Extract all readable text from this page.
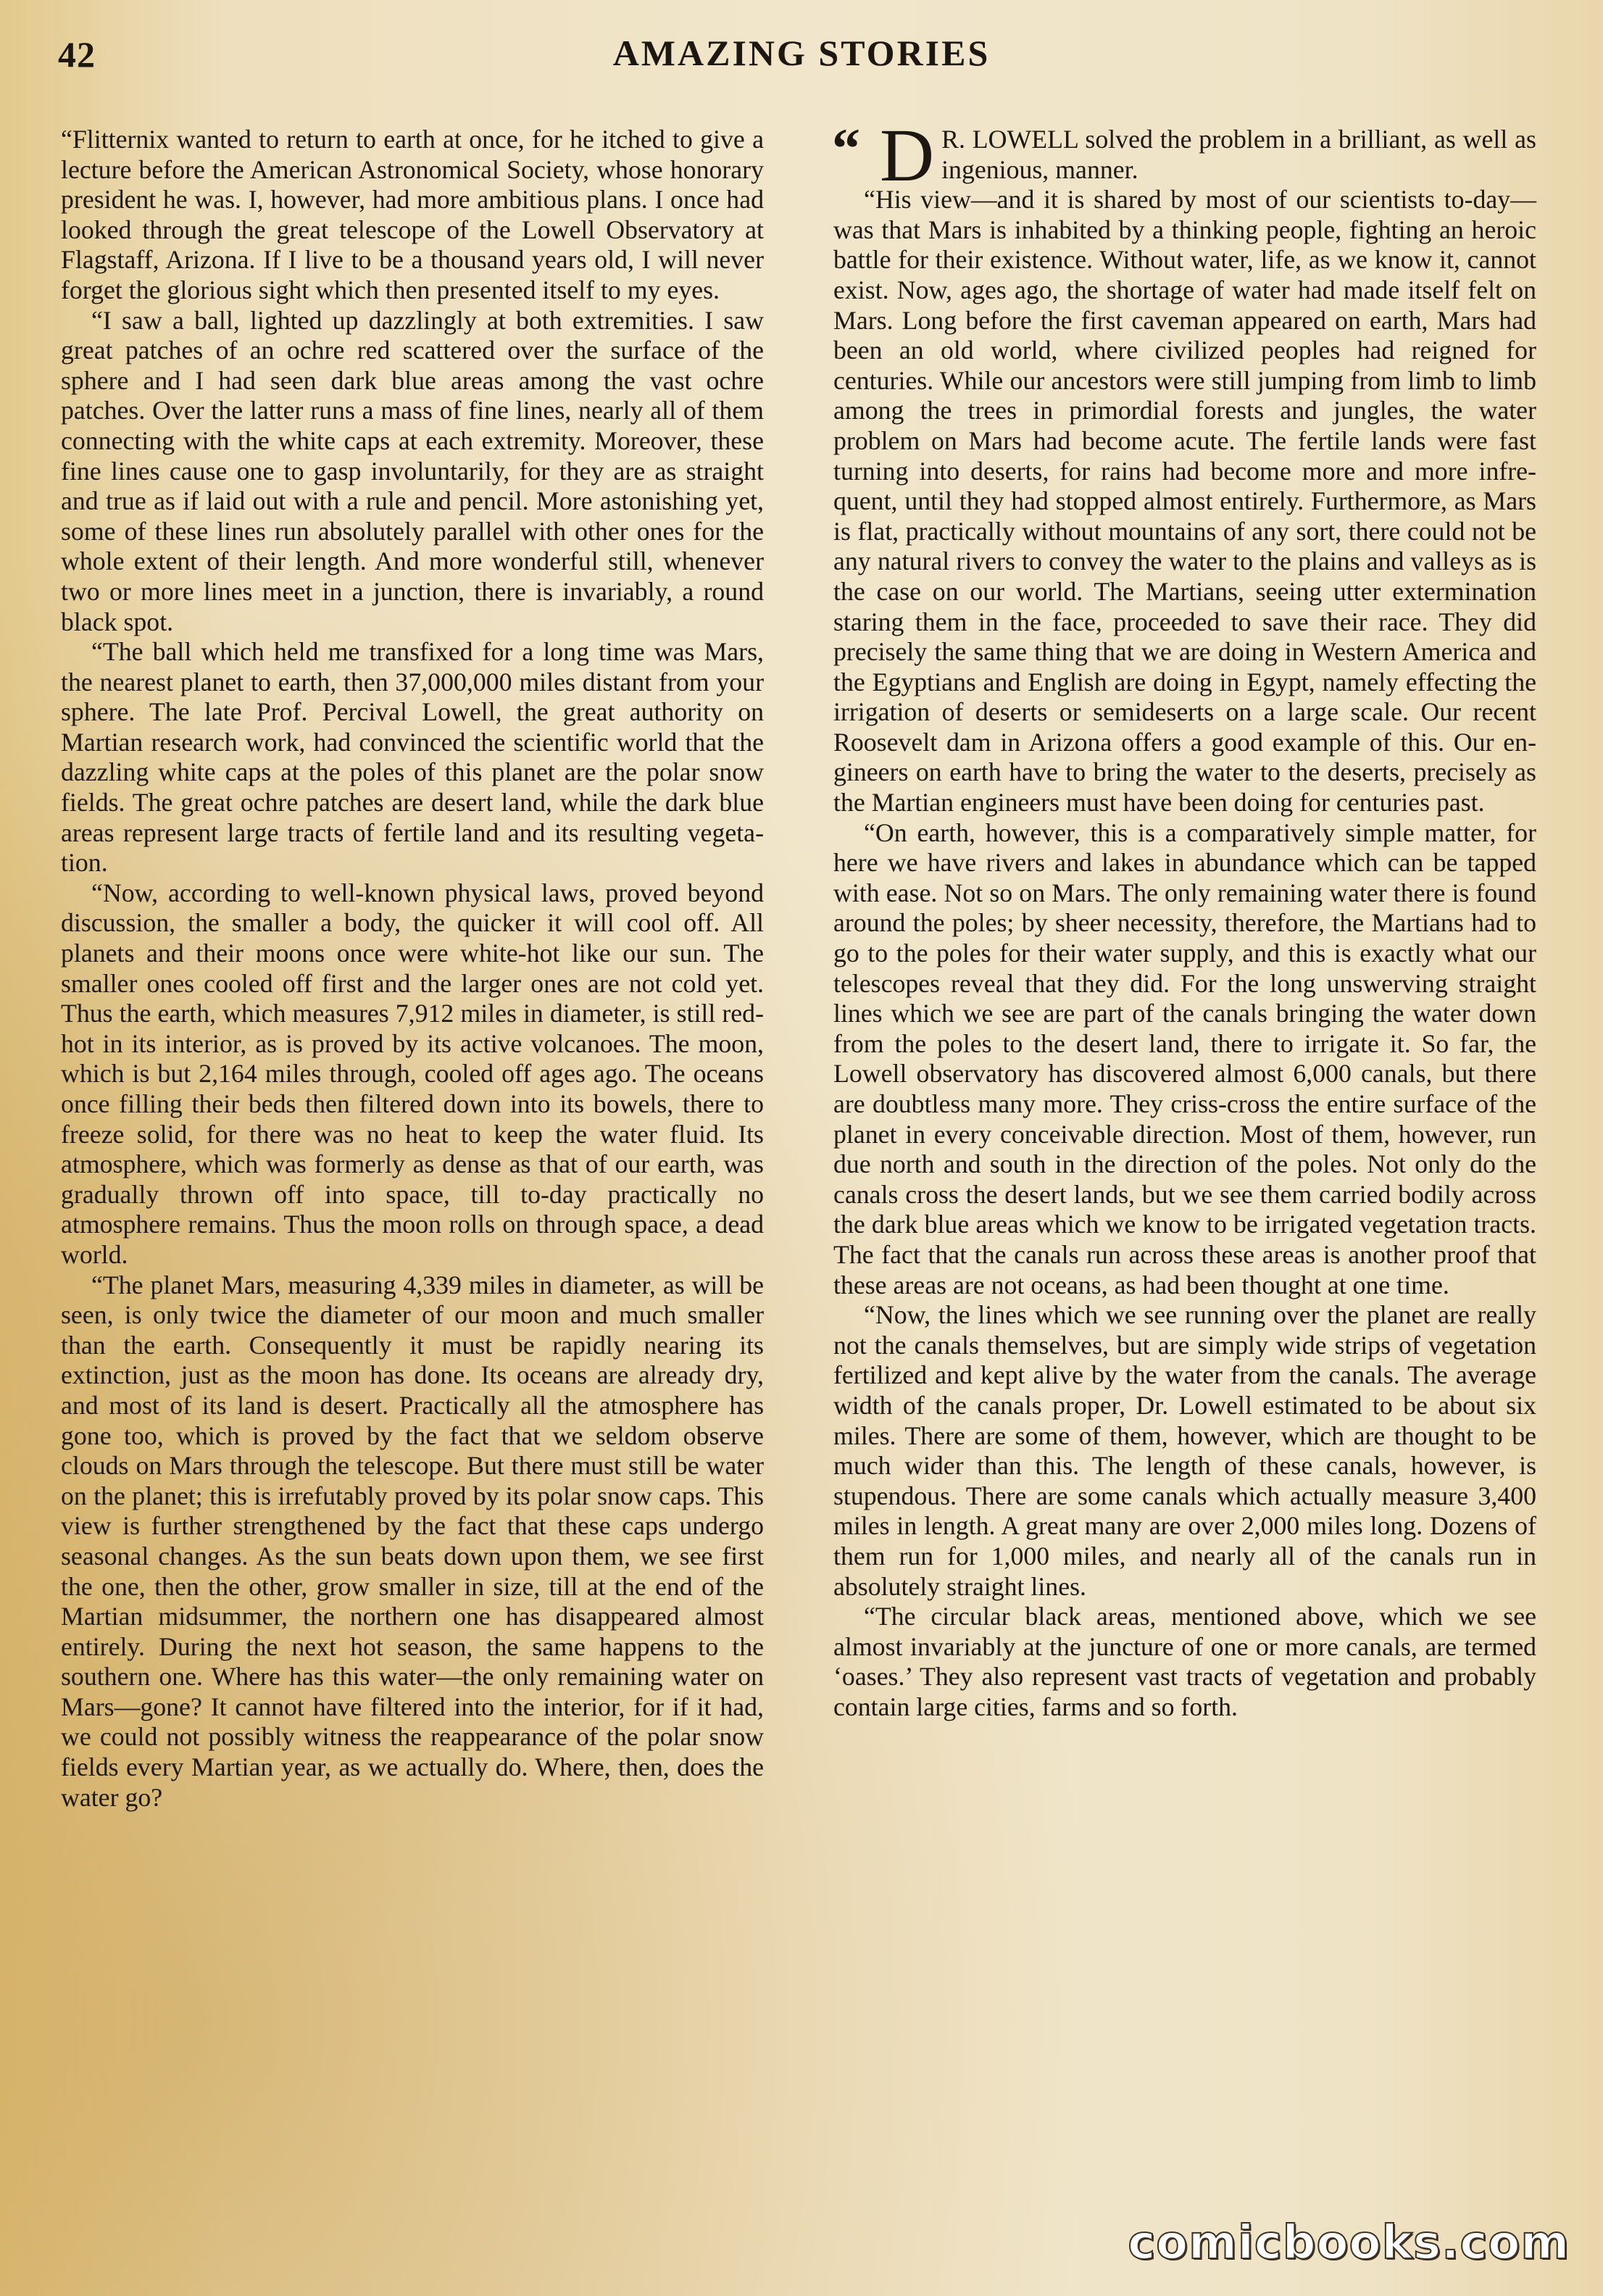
42	AMAZING STORIES

“Flitternix wanted to return to earth at once, for he itched to give a lecture before the American Astronomical Society, whose honorary president he was. I, however, had more ambitious plans. I once had looked through the great telescope of the Lowell Observatory at Flagstaff, Arizona. If I live to be a thousand years old, I will never forget the glorious sight which then presented itself to my eyes.

“I saw a ball, lighted up dazzlingly at both extremities. I saw great patches of an ochre red scattered over the surface of the sphere and I had seen dark blue areas among the vast ochre patches. Over the latter runs a mass of fine lines, nearly all of them connecting with the white caps at each extremity. Moreover, these fine lines cause one to gasp involuntarily, for they are as straight and true as if laid out with a rule and pencil. More astonishing yet, some of these lines run absolutely parallel with other ones for the whole extent of their length. And more wonderful still, whenever two or more lines meet in a junction, there is invariably, a round black spot.

“The ball which held me transfixed for a long time was Mars, the nearest planet to earth, then 37,000,000 miles distant from your sphere. The late Prof. Percival Lowell, the great authority on Martian research work, had convinced the scientific world that the dazzling white caps at the poles of this planet are the polar snow fields. The great ochre patches are desert land, while the dark blue areas represent large tracts of fertile land and its resulting vegetation.

“Now, according to well-known physical laws, proved beyond discussion, the smaller a body, the quicker it will cool off. All planets and their moons once were white-hot like our sun. The smaller ones cooled off first and the larger ones are not cold yet. Thus the earth, which measures 7,912 miles in diameter, is still red-hot in its interior, as is proved by its active volcanoes. The moon, which is but 2,164 miles through, cooled off ages ago. The oceans once filling their beds then filtered down into its bowels, there to freeze solid, for there was no heat to keep the water fluid. Its atmosphere, which was formerly as dense as that of our earth, was gradually thrown off into space, till to-day practically no atmosphere remains. Thus the moon rolls on through space, a dead world.

“The planet Mars, measuring 4,339 miles in diameter, as will be seen, is only twice the diameter of our moon and much smaller than the earth. Consequently it must be rapidly nearing its extinction, just as the moon has done. Its oceans are already dry, and most of its land is desert. Practically all the atmosphere has gone too, which is proved by the fact that we seldom observe clouds on Mars through the telescope. But there must still be water on the planet; this is irrefutably proved by its polar snow caps. This view is further strengthened by the fact that these caps undergo seasonal changes. As the sun beats down upon them, we see first the one, then the other, grow smaller in size, till at the end of the Martian midsummer, the northern one has disappeared almost entirely. During the next hot season, the same happens to the southern one. Where has this water—the only remaining water on Mars—gone? It cannot have filtered into the interior, for if it had, we could not possibly witness the reappearance of the polar snow fields every Martian year, as we actually do. Where, then, does the water go?

“ D R. LOWELL solved the problem in a brilliant, as well as ingenious, manner.

“His view—and it is shared by most of our scientists to-day—was that Mars is inhabited by a thinking people, fighting an heroic battle for their existence. Without water, life, as we know it, cannot exist. Now, ages ago, the shortage of water had made itself felt on Mars. Long before the first caveman appeared on earth, Mars had been an old world, where civilized peoples had reigned for centuries. While our ancestors were still jumping from limb to limb among the trees in primordial forests and jungles, the water problem on Mars had become acute. The fertile lands were fast turning into deserts, for rains had become more and more infrequent, until they had stopped almost entirely. Furthermore, as Mars is flat, practically without mountains of any sort, there could not be any natural rivers to convey the water to the plains and valleys as is the case on our world. The Martians, seeing utter extermination staring them in the face, proceeded to save their race. They did precisely the same thing that we are doing in Western America and the Egyptians and English are doing in Egypt, namely effecting the irrigation of deserts or semideserts on a large scale. Our recent Roosevelt dam in Arizona offers a good example of this. Our engineers on earth have to bring the water to the deserts, precisely as the Martian engineers must have been doing for centuries past.

“On earth, however, this is a comparatively simple matter, for here we have rivers and lakes in abundance which can be tapped with ease. Not so on Mars. The only remaining water there is found around the poles; by sheer necessity, therefore, the Martians had to go to the poles for their water supply, and this is exactly what our telescopes reveal that they did. For the long unswerving straight lines which we see are part of the canals bringing the water down from the poles to the desert land, there to irrigate it. So far, the Lowell observatory has discovered almost 6,000 canals, but there are doubtless many more. They criss-cross the entire surface of the planet in every conceivable direction. Most of them, however, run due north and south in the direction of the poles. Not only do the canals cross the desert lands, but we see them carried bodily across the dark blue areas which we know to be irrigated vegetation tracts. The fact that the canals run across these areas is another proof that these areas are not oceans, as had been thought at one time.

“Now, the lines which we see running over the planet are really not the canals themselves, but are simply wide strips of vegetation fertilized and kept alive by the water from the canals. The average width of the canals proper, Dr. Lowell estimated to be about six miles. There are some of them, however, which are thought to be much wider than this. The length of these canals, however, is stupendous. There are some canals which actually measure 3,400 miles in length. A great many are over 2,000 miles long. Dozens of them run for 1,000 miles, and nearly all of the canals run in absolutely straight lines.

“The circular black areas, mentioned above, which we see almost invariably at the juncture of one or more canals, are termed ‘oases.’ They also represent vast tracts of vegetation and probably contain large cities, farms and so forth.

comicbooks.com
